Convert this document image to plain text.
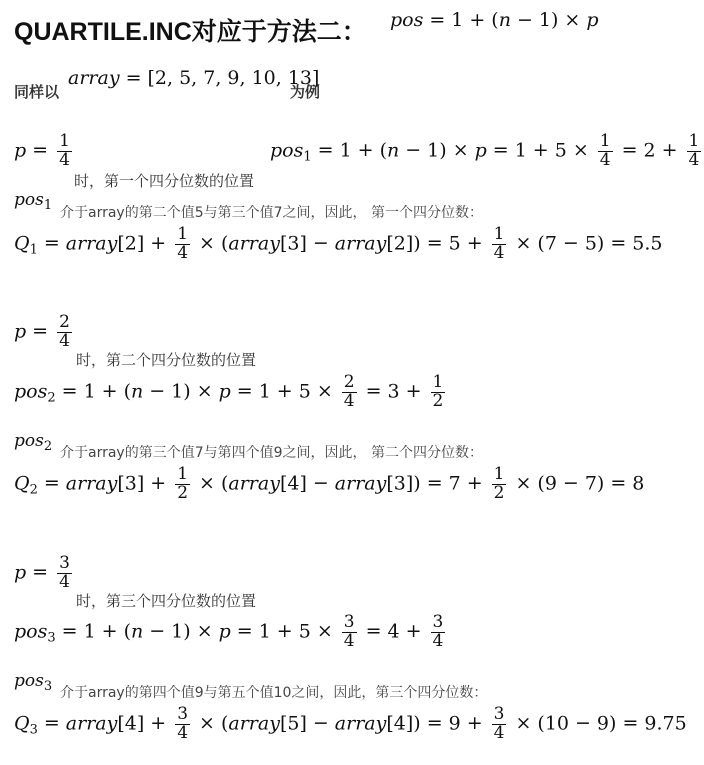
QUARTILE.INC对应于方法二： pos = 1 + (n − 1) × p
同样以
array = [2, 5, 7, 9, 10, 13]
为例
$p = \frac{1}{4}$
时，第一个四分位数的位置
$pos_1 = 1 + (n - 1) \times p = 1 + 5 \times \frac{1}{4} = 2 + \frac{1}{4}$
pos$_1$ 介于array的第二个值5与第三个值7之间，因此， 第一个四分位数：
$Q_1$ = array[2] + $\frac{1}{4}$ × (array[3] − array[2]) = $5 + \frac{1}{4} \times (7 - 5) = 5.5$
$p = \frac{2}{4}$
时，第二个四分位数的位置
$pos_2 = 1 + (n - 1) \times p = 1 + 5 \times \frac{2}{4} = 3 + \frac{1}{2}$
pos$_2$ 介于array的第三个值7与第四个值9之间，因此， 第二个四分位数：
$Q_2$ = array[3] + $\frac{1}{2}$ × (array[4] − array[3]) = $7 + \frac{1}{2} \times (9 - 7) = 8$
$p = \frac{3}{4}$
时，第三个四分位数的位置
$pos_3 = 1 + (n - 1) \times p = 1 + 5 \times \frac{3}{4} = 4 + \frac{3}{4}$
pos$_3$ 介于array的第四个值9与第五个值10之间，因此，第三个四分位数：
$Q_3$ = array[4] + $\frac{3}{4}$ × (array[5] − array[4]) = $9 + \frac{3}{4} \times (10 - 9) = 9.75$
